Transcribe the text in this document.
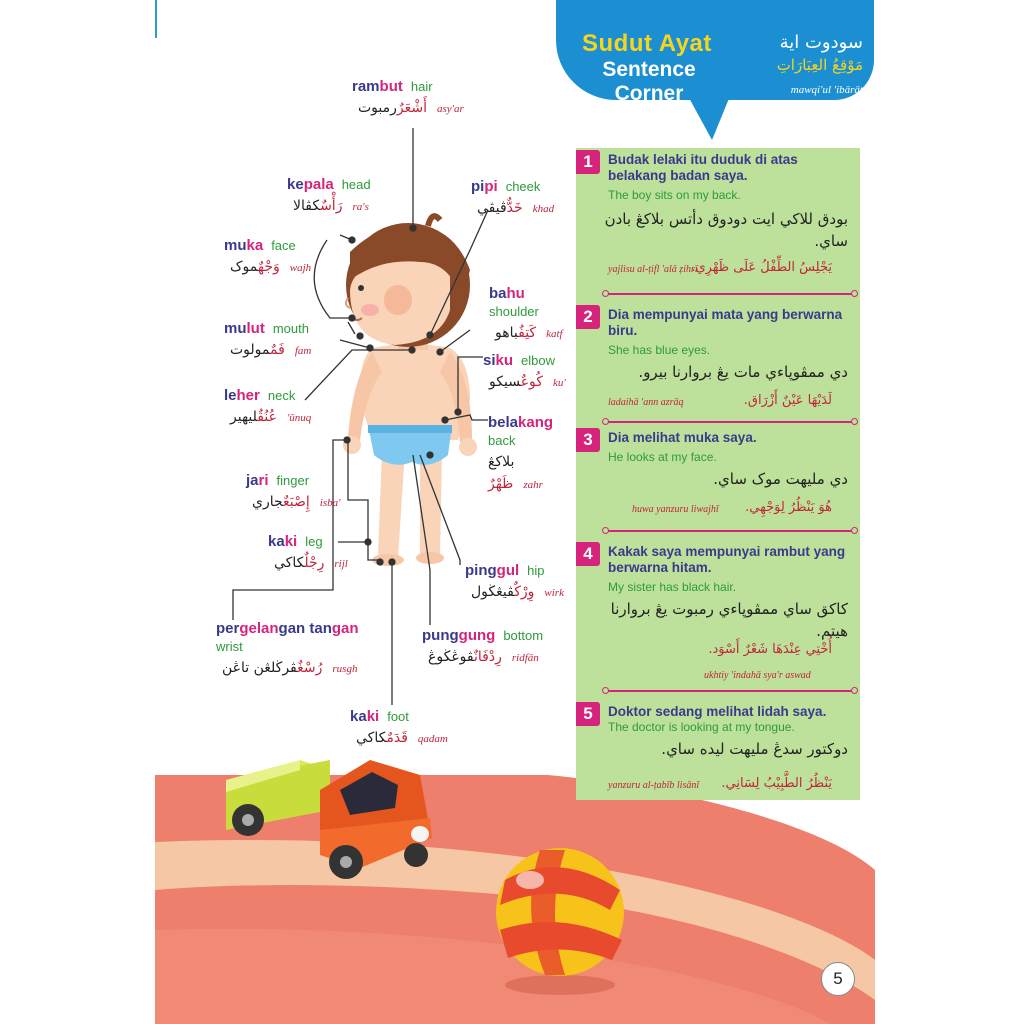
Sudut Ayat
Sentence Corner
سودوت اية
مَوْقِعُ العِبَارَاتِ
mawqi'ul 'ibārāt
rambut hair
أَشْعَرٌرمبوت	asy'ar
kepala head
رَأْسٌكڤالا	ra's
pipi cheek
خَدٌّڤيڤي khad
muka face
وَجْهٌموک	wajh
bahu
shoulder
كَتِفٌباهو	katf
mulut mouth
فَمٌمولوت fam
siku elbow
كُوعٌسيكو	ku'
leher neck
عُنُقٌليهير	'ūnuq	belakang
back
بلاکڠ
ظَهْرٌ zahr
jari finger
إِصْبَعٌجاري	isba'
kaki leg
رِجْلٌكاكي	rijl	pinggul hip
وِرْكٌڤيڠڬول	wirk
pergelangan tangan
wrist
رُسْغٌڤرڬلڠن تاڠن	rusgh
punggung bottom
رِدْفَانٌڤوڠڬوڠ	ridfān
kaki foot
قَدَمٌكاكي	qadam
1	Budak lelaki itu duduk di atas belakang badan saya.
The boy sits on my back.
بودق للاکي ايت دودوق دأتس بلاکڠ بادن ساي.
يَجْلِسُ الطِّفْلُ عَلَى ظَهْرِي.
yajlisu al-ṭifl 'alā ẓihrī
2	Dia mempunyai mata yang berwarna biru.
She has blue eyes.
دي ممڤوڽاءي مات يڠ بروارنا بيرو.
لَدَيْهَا عَيْنٌ أَزْرَاق.
ladaihā 'ann azrāq
3	Dia melihat muka saya.
He looks at my face.
دي مليهت موک ساي.
هُوَ يَنْظُرُ لِوَجْهِي.
huwa yanzuru liwajhī
4	Kakak saya mempunyai rambut yang berwarna hitam.
My sister has black hair.
کاکق ساي ممڤوڽاءي رمبوت يڠ بروارنا هيتم.
أُخْتِي عِنْدَهَا شَعْرٌ أَسْوَد.
ukhtiy 'indahā sya'r aswad
5	Doktor sedang melihat lidah saya.
The doctor is looking at my tongue.
دوکتور سدڠ مليهت ليده ساي.
يَنْظُرُ الطَّبِيْبُ لِسَانِي.
yanzuru al-ṭabīb lisānī
5
